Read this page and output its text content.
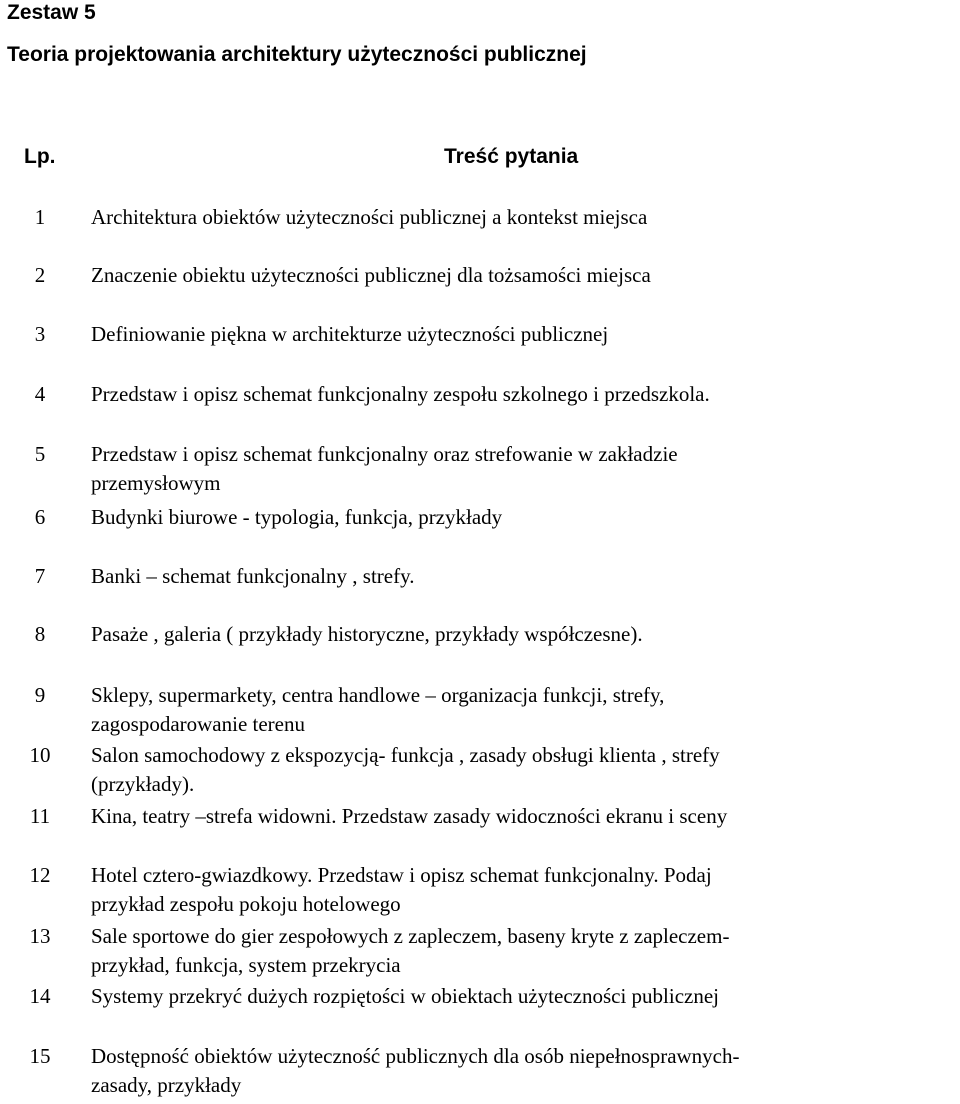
Zestaw 5
Teoria projektowania architektury użyteczności publicznej
Lp.	Treść pytania
1	Architektura obiektów użyteczności publicznej a kontekst miejsca
2	Znaczenie obiektu użyteczności publicznej dla tożsamości miejsca
3	Definiowanie piękna w architekturze użyteczności publicznej
4	Przedstaw i opisz schemat funkcjonalny zespołu szkolnego i przedszkola.
5	Przedstaw i opisz schemat funkcjonalny oraz strefowanie w zakładzie
przemysłowym
6	Budynki biurowe - typologia, funkcja, przykłady
7	Banki – schemat funkcjonalny , strefy.
8	Pasaże , galeria ( przykłady historyczne, przykłady współczesne).
9	Sklepy, supermarkety, centra handlowe – organizacja funkcji, strefy,
zagospodarowanie terenu
10	Salon samochodowy z ekspozycją- funkcja , zasady obsługi klienta , strefy
(przykłady).
11	Kina, teatry –strefa widowni. Przedstaw zasady widoczności ekranu i sceny
12	Hotel cztero-gwiazdkowy. Przedstaw i opisz schemat funkcjonalny. Podaj
przykład zespołu pokoju hotelowego
13	Sale sportowe do gier zespołowych z zapleczem, baseny kryte z zapleczem-
przykład, funkcja, system przekrycia
14	Systemy przekryć dużych rozpiętości w obiektach użyteczności publicznej
15	Dostępność obiektów użyteczność publicznych dla osób niepełnosprawnych-
zasady, przykłady
